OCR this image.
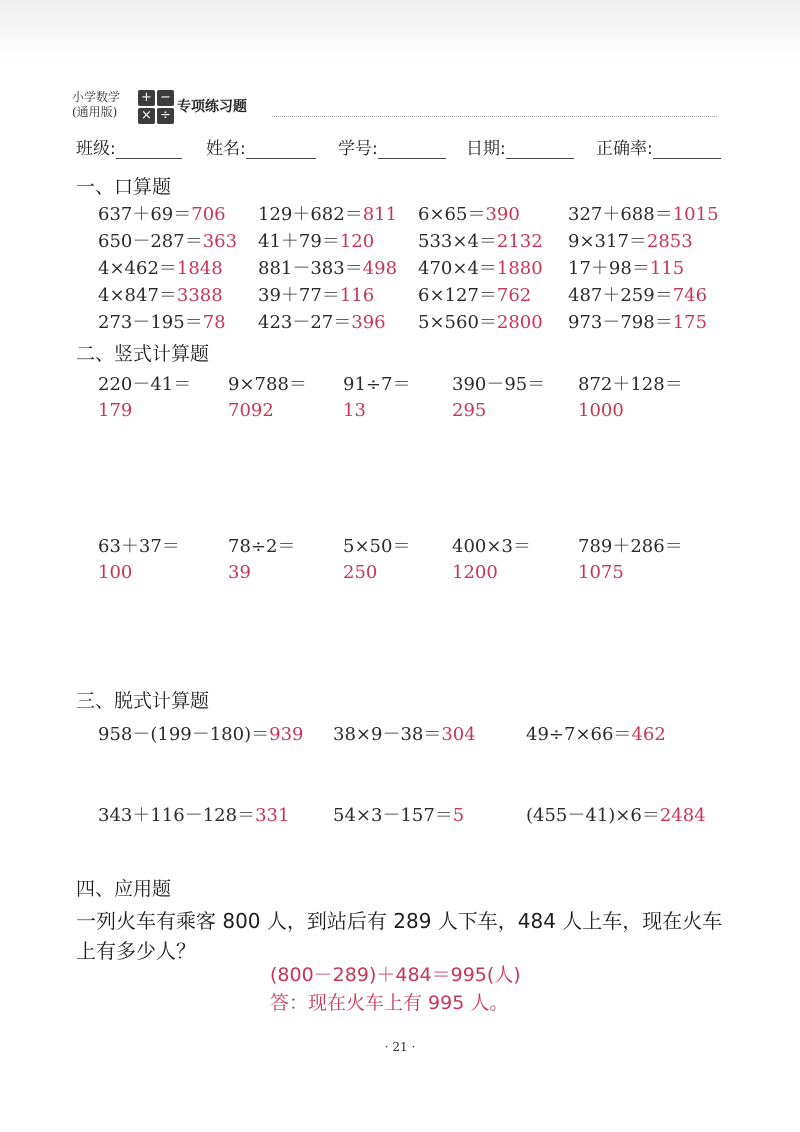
小学数学
(通用版)
+ −
× ÷
专项练习题
班级:	姓名:	学号:	日期:	正确率:
一、口算题
637＋69＝706 129＋682＝811 6×65＝390	327＋688＝1015
650－287＝363 41＋79＝120 533×4＝2132 9×317＝2853
4×462＝1848 881－383＝498 470×4＝1880 17＋98＝115
4×847＝3388 39＋77＝116 6×127＝762 487＋259＝746
273－195＝78 423－27＝396 5×560＝2800 973－798＝175
二、竖式计算题
220－41＝
179
9×788＝
7092
91÷7＝
13
390－95＝
295
872＋128＝
1000
63＋37＝
100
78÷2＝
39
5×50＝
250
400×3＝
1200
789＋286＝
1075
三、脱式计算题
958－(199－180)＝939 38×9－38＝304	49÷7×66＝462
343＋116－128＝331 54×3－157＝5	(455－41)×6＝2484
四、应用题
一列火车有乘客 800 人，到站后有 289 人下车，484 人上车，现在火车上有多少人？
(800－289)＋484＝995(人)
答：现在火车上有 995 人。
· 21 ·
